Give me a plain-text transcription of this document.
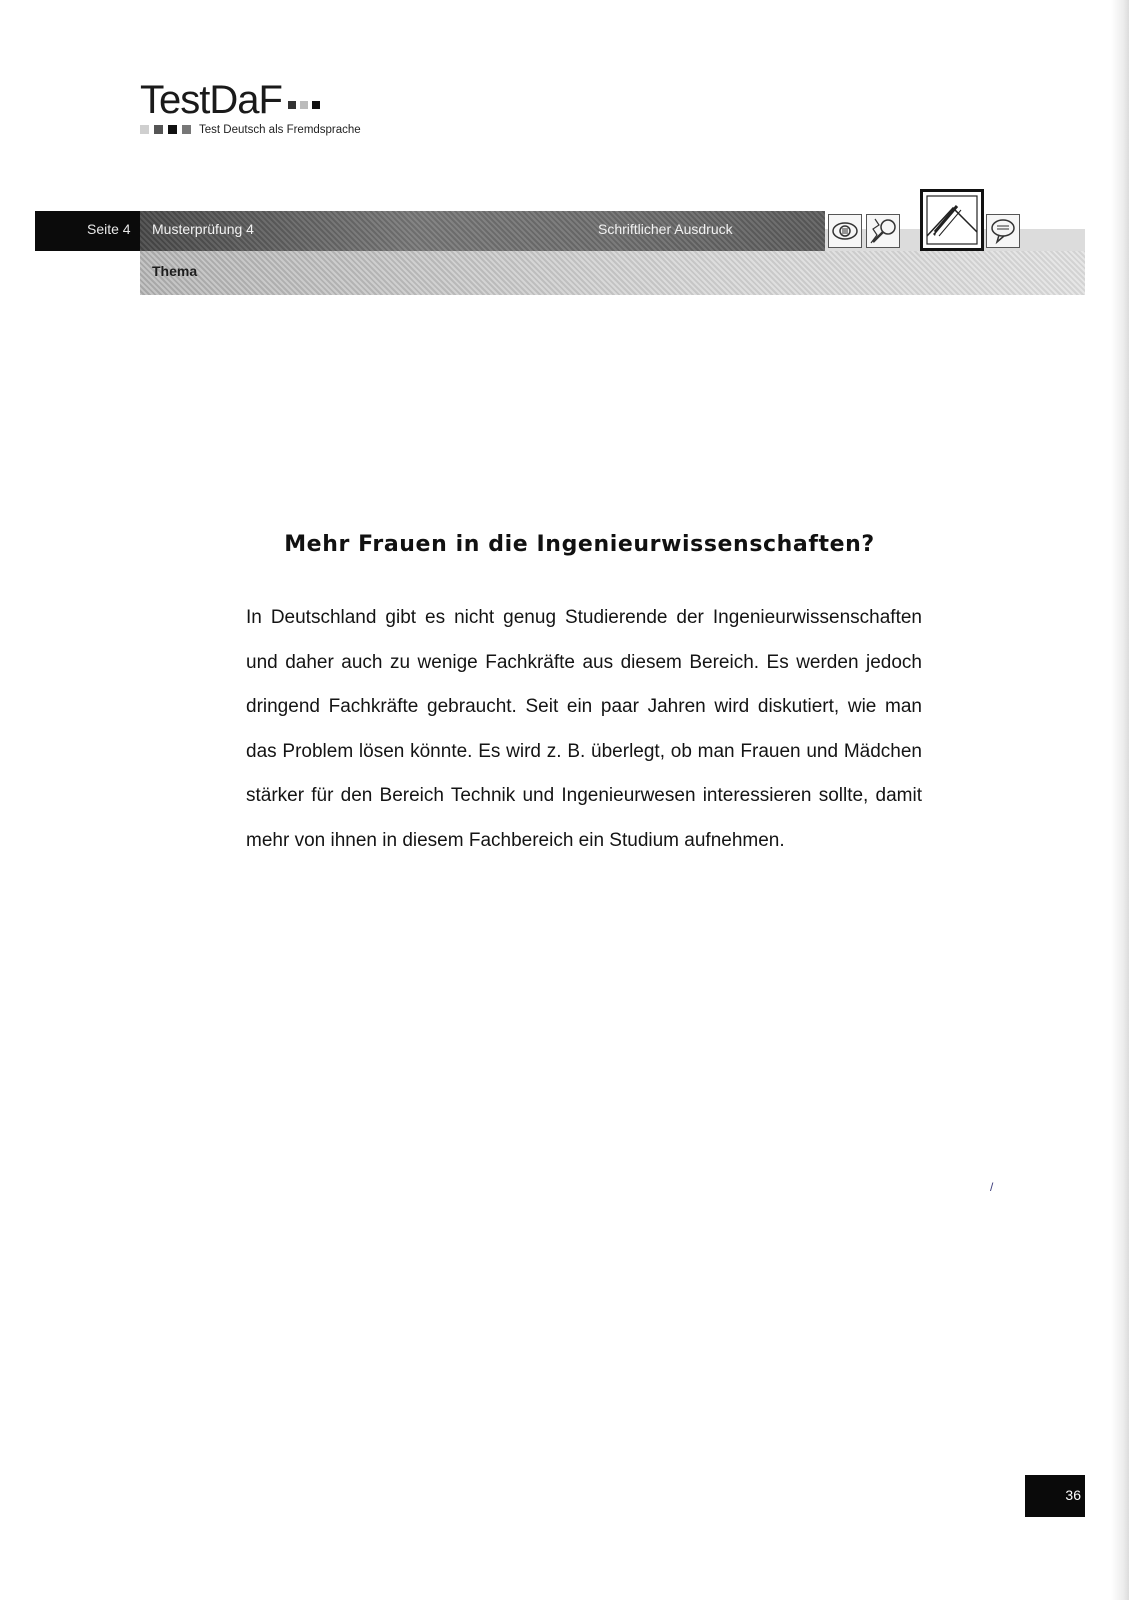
TestDaF
Test Deutsch als Fremdsprache
Seite 4 Musterprüfung 4	Schriftlicher Ausdruck
Thema
Mehr Frauen in die Ingenieurwissenschaften?
In Deutschland gibt es nicht genug Studierende der Ingenieurwissenschaften und daher auch zu wenige Fachkräfte aus diesem Bereich. Es werden jedoch dringend Fachkräfte gebraucht. Seit ein paar Jahren wird diskutiert, wie man das Problem lösen könnte. Es wird z. B. überlegt, ob man Frauen und Mädchen stärker für den Bereich Technik und Ingenieurwesen interessieren sollte, damit mehr von ihnen in diesem Fachbereich ein Studium aufnehmen.
36
/
